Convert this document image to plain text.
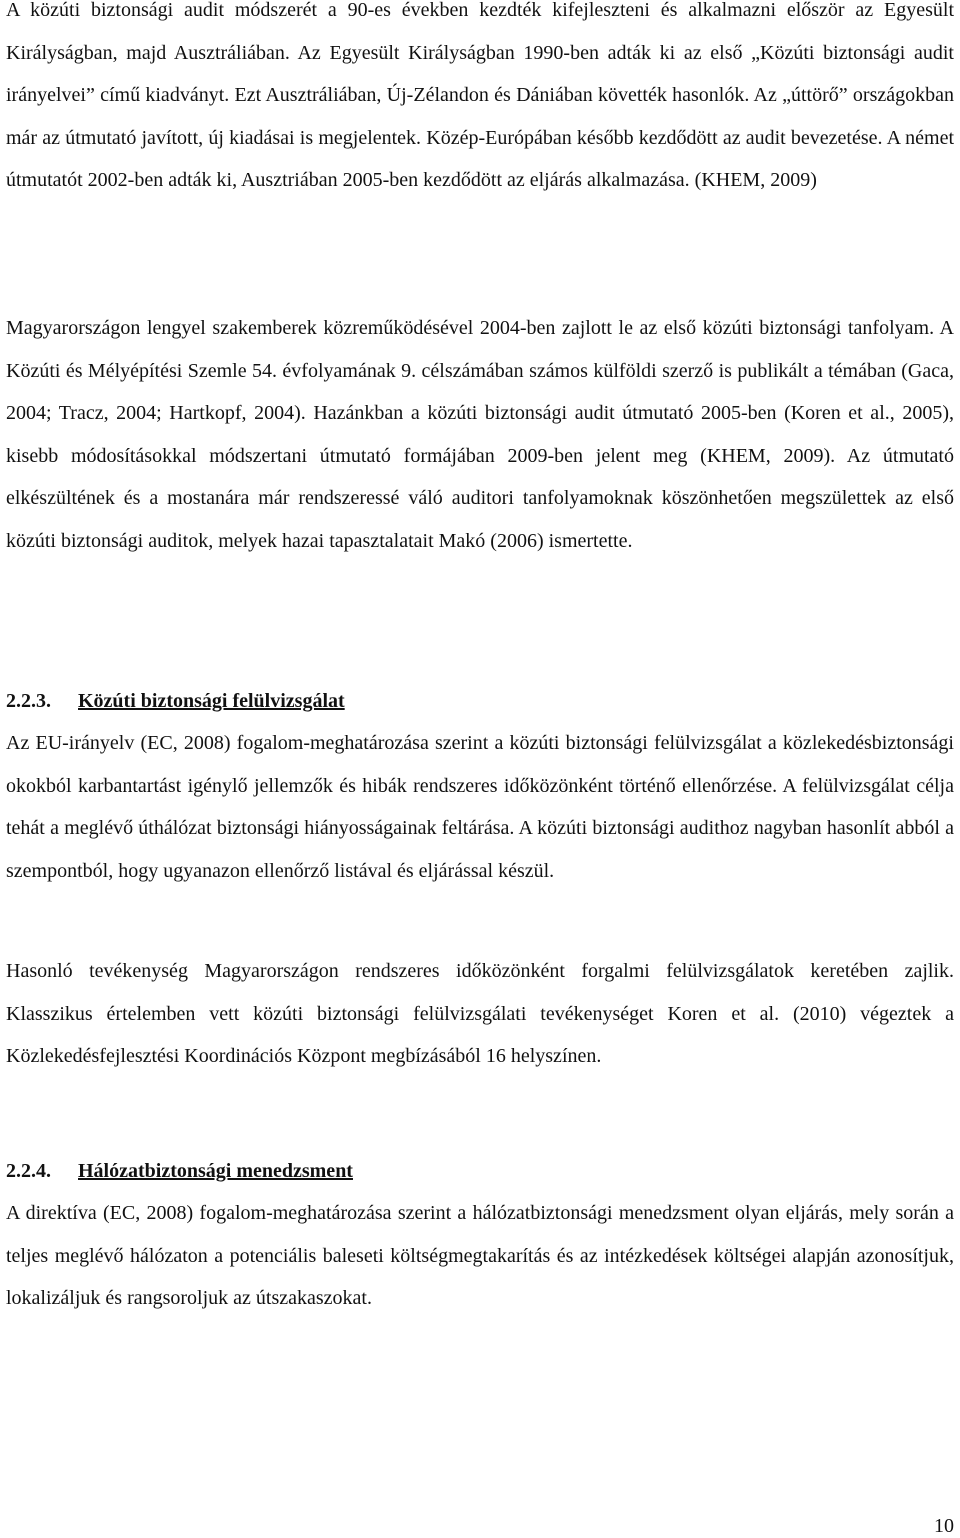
A közúti biztonsági audit módszerét a 90-es években kezdték kifejleszteni és alkalmazni először az Egyesült Királyságban, majd Ausztráliában. Az Egyesült Királyságban 1990-ben adták ki az első „Közúti biztonsági audit irányelvei” című kiadványt. Ezt Ausztráliában, Új-Zélandon és Dániában követték hasonlók. Az „úttörő” országokban már az útmutató javított, új kiadásai is megjelentek. Közép-Európában később kezdődött az audit bevezetése. A német útmutatót 2002-ben adták ki, Ausztriában 2005-ben kezdődött az eljárás alkalmazása. (KHEM, 2009)

Magyarországon lengyel szakemberek közreműködésével 2004-ben zajlott le az első közúti biztonsági tanfolyam. A Közúti és Mélyépítési Szemle 54. évfolyamának 9. célszámában számos külföldi szerző is publikált a témában (Gaca, 2004; Tracz, 2004; Hartkopf, 2004). Hazánkban a közúti biztonsági audit útmutató 2005-ben (Koren et al., 2005), kisebb módosításokkal módszertani útmutató formájában 2009-ben jelent meg (KHEM, 2009). Az útmutató elkészültének és a mostanára már rendszeressé váló auditori tanfolyamoknak köszönhetően megszülettek az első közúti biztonsági auditok, melyek hazai tapasztalatait Makó (2006) ismertette.

2.2.3. Közúti biztonsági felülvizsgálat

Az EU-irányelv (EC, 2008) fogalom-meghatározása szerint a közúti biztonsági felülvizsgálat a közlekedésbiztonsági okokból karbantartást igénylő jellemzők és hibák rendszeres időközönként történő ellenőrzése. A felülvizsgálat célja tehát a meglévő úthálózat biztonsági hiányosságainak feltárása. A közúti biztonsági audithoz nagyban hasonlít abból a szempontból, hogy ugyanazon ellenőrző listával és eljárással készül.

Hasonló tevékenység Magyarországon rendszeres időközönként forgalmi felülvizsgálatok keretében zajlik. Klasszikus értelemben vett közúti biztonsági felülvizsgálati tevékenységet Koren et al. (2010) végeztek a Közlekedésfejlesztési Koordinációs Központ megbízásából 16 helyszínen.

2.2.4. Hálózatbiztonsági menedzsment

A direktíva (EC, 2008) fogalom-meghatározása szerint a hálózatbiztonsági menedzsment olyan eljárás, mely során a teljes meglévő hálózaton a potenciális baleseti költségmegtakarítás és az intézkedések költségei alapján azonosítjuk, lokalizáljuk és rangsoroljuk az útszakaszokat.

10
